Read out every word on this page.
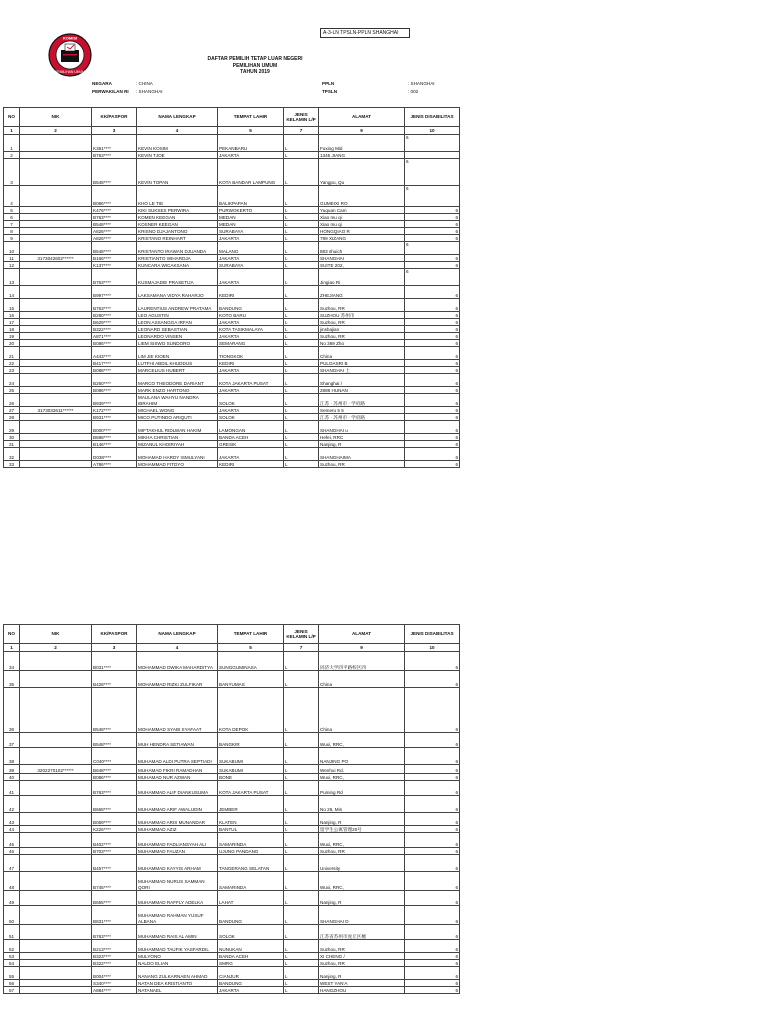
A-3-LN TPSLN-PPLN SHANGHAI
KOMISI
PEMILIHAN UMUM
DAFTAR PEMILIH TETAP LUAR NEGERI
PEMILIHAN UMUM
TAHUN 2019
NEGARA	: CHINA
PERWAKILAN RI : SHANGHAI
PPLN	: SHANGHAI
TPSLN	: 002
NO	NIK	KK/PASPOR	NAMA LENGKAP	TEMPAT LAHIR	JENIS KELAMIN L/P	ALAMAT	JENIS DISABILITAS
1	2	3	4	5	7	9	10
1		K391****	KEVIN KOSIM	PEKANBARU	L	Fuxing Mid	6
2		B763****	KEVIN TJOE	JAKARTA	L	1345 JIANG	
3		B548****	KEVIN TOPAN	KOTA BANDAR LAMPUNG	L	Yangpu, Qu	6
4		B086****	KHO LE TIE	BALIKPAPAN	L	GUMEIXI RO	6
5		K476****	KIKI SUKSES PERWIRA	PURWOKERTO	L	Yuquan Cam	6
6		B763****	KOMEN KEEGAN	MEDAN	L	Xiao mu qi	6
7		B548****	KOSNER KEEGAN	MEDAN	L	Xiao mu qi	6
8		A826****	KRISNO DJAJANTONO	SURABAYA	L	HONGQIAO R	6
9		A826****	KRISTANO REINHART	JAKARTA	L	799 XIZANG	6
10		B548****	KRISTANTO IRAWAN DJUANDA	MALANG	L	883 shuich	6
11	3173042602******	B166****	KRISTIANTO WIHARDJA	JAKARTA	L	SHANGHAI	6
12		K137****	KUNCARA WICAKSANA	SURABAYA	L	SUITE 202,	6
13		B763****	KUSMAJADIE PRASETIJA	JAKARTA	L	Jingiao Ri	6
14		B997****	LAKSAMANA VIDYA RAHARJO	KEDIRI	L	ZHEJIANG	6
15		B763****	LAURENTIUS ANDREW PRATAMA	BANDUNG	L	Suzhou, RR	6
16		B280****	LEO AGUSTIN	KOTO BARU	L	SUZHOU 苏州市	6
17		B629****	LEON ASSANGGA IRFAN	JAKARTA	L	Suzhou, RR	6
18		B322****	LEONARD SEBASTIAN	KOTA TASIKMALAYA	L	jinshajian	6
19		A871****	LEONARDO VINSEN	JAKARTA	L	Suzhou, RR	6
20		B086****	LIEM SISWO SUNDORO	SEMARANG	L	No 369 Zho	6
21		A443****	LIM JIE KIOEN	TIONGKOK	L	China	6
22		B417****	LUTFHI ABDIL KHUDDUS	KEDIRI	L	PULOASRI B	6
23		B088****	MARCELIUS HUBERT	JAKARTA	L	SHANGHAI 上	6
24		B260****	MARCO THEODORE DARIANT	KOTA JAKARTA PUSAT	L	Shanghai /	6
25		B086****	MARK ENZO HARTONO	JAKARTA	L	2888 HUNAN	6
26		B939****	MAULANA WAHYU NANDRA IBRAHIM	SOLOK	L	江苏 · 苏州市 · 学府路	6
27	3173032611******	K172****	MICHAEL WONG	JAKARTA	L	Semeru 5 5	6
28		B931****	MICO PUTINDO ARIQUTI	SOLOK	L	江苏 · 苏州市 · 学府路	6
29		B000****	MIFTAKHUL RIDLWAN HAKIM	LAMONGAN	L	SHANGHAI u	6
30		B698****	MIKHA CHRISTIAN	BANDA ACEH	L	Hefei, RRC	6
31		B146****	MIZANUL KHOIRIYAH	GRESIK	L	Nanjing, R	6
32		D038****	MOHAMAD HARDY ISMULYANI	JAKARTA	L	SHANGHAIMA	6
33		A786****	MOHAMMAD FITDYO	KEDIRI	L	Suzhou, RR	6
NO	NIK	KK/PASPOR	NAMA LENGKAP	TEMPAT LAHIR	JENIS KELAMIN L/P	ALAMAT	JENIS DISABILITAS
1	2	3	4	5	7	9	10
34		B031****	MOHAMMAD DWIKA MAHARDITYA	SUNGGUMINASA	L	同济大学四平路校区四	6
35		B428****	MOHAMMAD RIZKI ZULFIKAR	BANYUMAS	L	China	6
36		B548****	MOHAMMAD SYABI SYAFAAT	KOTA DEPOK	L	China	6
37		B548****	MUH HENDRA SETIAWAN	BANGKIR	L	Wuxi, RRC,	6
38		C040****	MUHAMAD ALDI PUTRA SEPTIADI	SUKABUMI	L	NANJING PO	6
39	3202270102******	B648****	MUHAMAD FIKRI RAMADHAN	SUKABUMI	L	Wenhui Rd.	6
40		B086****	MUHAMAD NUR AZWAN	BONE	L	Wuxi, RRC,	6
41		B763****	MUHAMMAD ALIF DIANKUSUMA	KOTA JAKARTA PUSAT	L	Puming Rd	6
42		B668****	MUHAMMAD ARIF AWALUDIN	JEMBER	L	No 26, Min	6
43		B069****	MUHAMMAD ARIS MUNANDAR	KLATEN	L	Nanjing, R	6
44		K226****	MUHAMMAD AZIZ	BANTUL	L	留学生公寓管理20号	6
45		B402****	MUHAMMAD FADLIANSYAH ALI	SAMARINDA	L	Wuxi, RRC,	6
46		B703****	MUHAMMAD FAUZAN	UJUNG PANDANG	L	Suzhou, RR	6
47		B457****	MUHAMMAD KAYYIS ARHAM	TANGERANG SELATAN	L	University	6
48		B745****	MUHAMMAD NURUS SAMMAN QORI	SAMARINDA	L	Wuxi, RRC,	6
49		B655****	MUHAMMAD RAFFLY ADELKA	LAHAT	L	Nanjing, R	6
50		B831****	MUHAMMAD RAHMAN YUSUF ALBANA	BANDUNG	L	SHANGHAI D	6
51		B763****	MUHAMMAD RAIS AL AMIN	SOLOK	L	江苏省苏州市虎丘区檀	6
52		B213****	MUHAMMAD TAUFIK YASFARDIL	NUNUKAN	L	Suzhou, RR	6
53		B323****	MULYONO	BANDA ACEH	L	XI CHENG /	6
54		B322****	NALDO ELIAN	SMRG	L	Suzhou, RR	6
55		B004****	NANANG ZULKARNAEN AHMAD	CIANJUR	L	Nanjing, R	6
56		S340****	NATAN DEA KRISTIANTO	BANDUNG	L	WEST YAN'A	6
57		A884****	NATANAEL	JAKARTA	L	HANGZHOU	6
